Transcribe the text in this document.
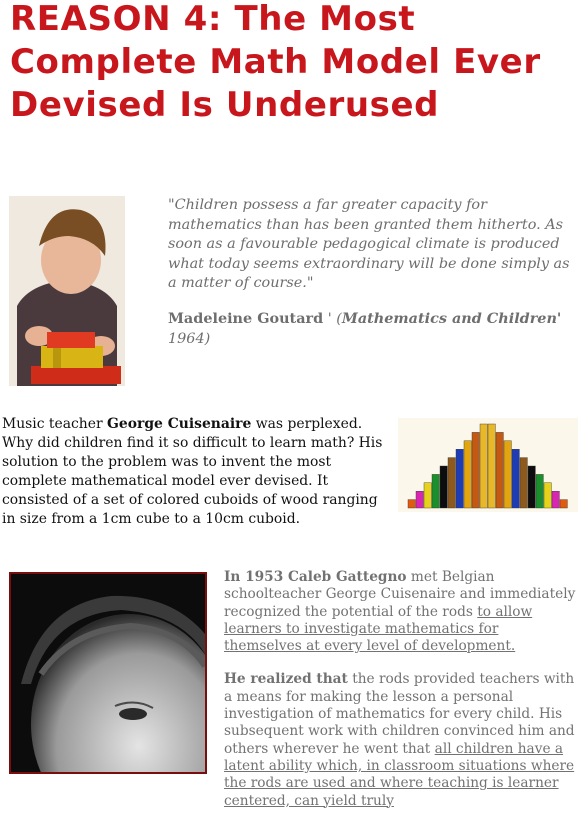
REASON 4: The Most Complete Math Model Ever Devised Is Underused

"Children possess a far greater capacity for mathematics than has been granted them hitherto. As soon as a favourable pedagogical climate is produced what today seems extraordinary will be done simply as a matter of course."

Madeleine Goutard ' (Mathematics and Children' 1964)

Music teacher George Cuisenaire was perplexed. Why did children find it so difficult to learn math? His solution to the problem was to invent the most complete mathematical model ever devised. It consisted of a set of colored cuboids of wood ranging in size from a 1cm cube to a 10cm cuboid.

In 1953 Caleb Gattegno met Belgian schoolteacher George Cuisenaire and immediately recognized the potential of the rods to allow learners to investigate mathematics for themselves at every level of development.

He realized that the rods provided teachers with a means for making the lesson a personal investigation of mathematics for every child. His subsequent work with children convinced him and others wherever he went that all children have a latent ability which, in classroom situations where the rods are used and where teaching is learner centered, can yield truly
